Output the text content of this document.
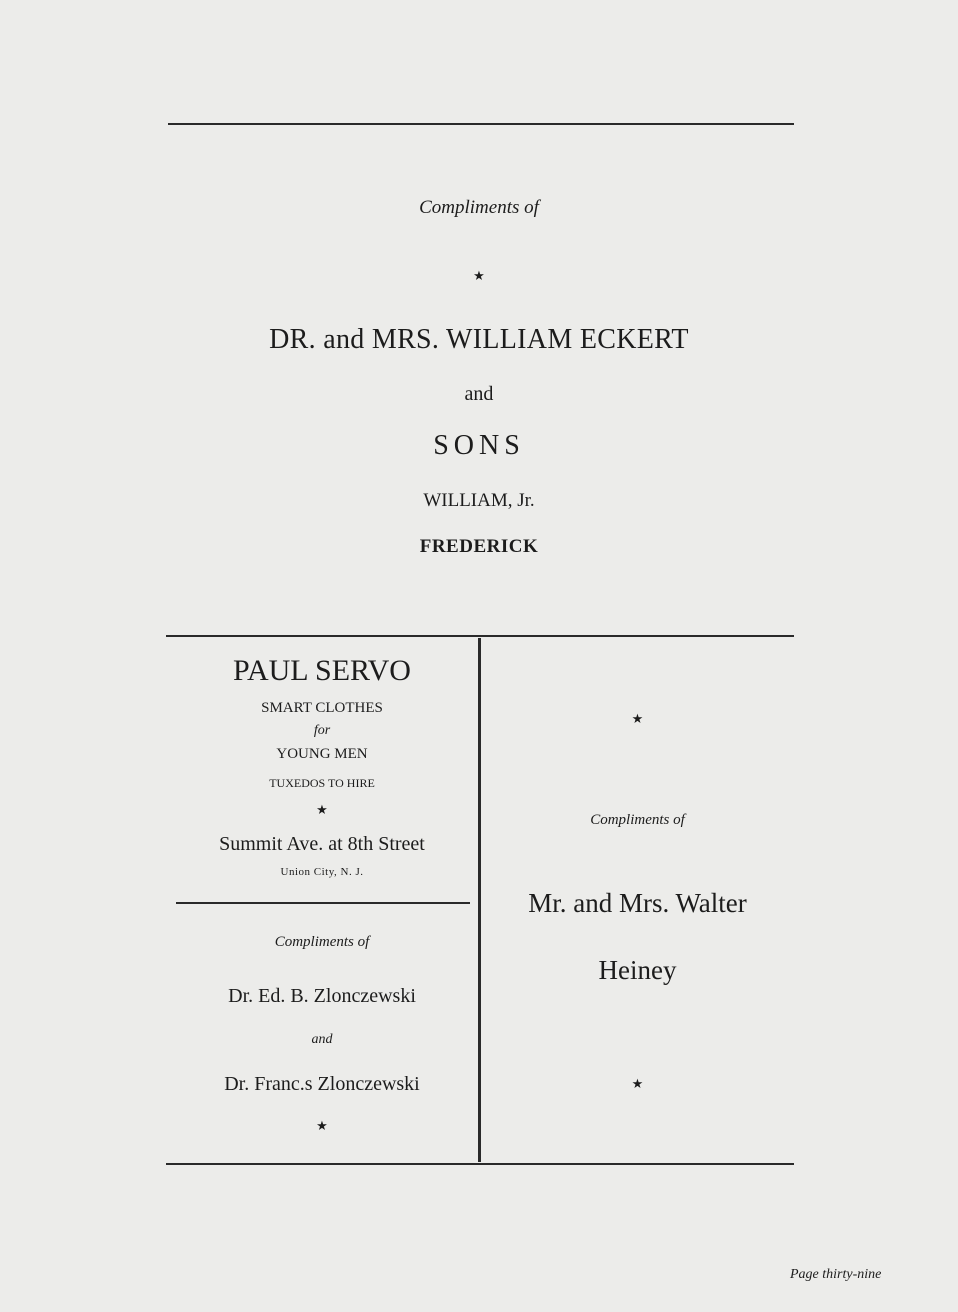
Compliments of
★
DR. and MRS. WILLIAM ECKERT
and
SONS
WILLIAM, Jr.
FREDERICK
PAUL SERVO
SMART CLOTHES
for
YOUNG MEN
TUXEDOS TO HIRE
★
Summit Ave. at 8th Street
Union City, N. J.
Compliments of
Dr. Ed. B. Zlonczewski
and
Dr. Franc.s Zlonczewski
★
★
Compliments of
Mr. and Mrs. Walter
Heiney
★
Page thirty-nine
